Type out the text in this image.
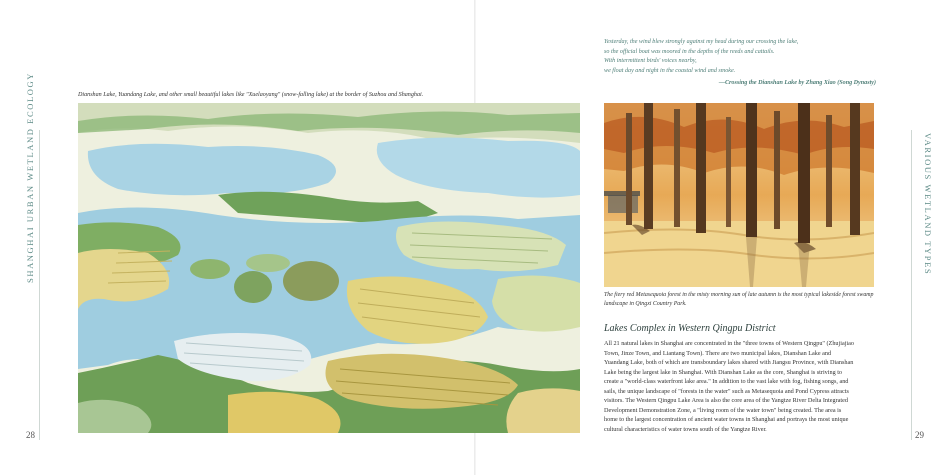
SHANGHAI URBAN WETLAND ECOLOGY	VARIOUS WETLAND TYPES
28	29
Yesterday, the wind blew strongly against my head during our crossing the lake,
so the official boat was moored in the depths of the reeds and cattails.
With intermittent birds' voices nearby,
we float day and night in the coastal wind and smoke.
—Crossing the Dianshan Lake by Zhang Xiao (Song Dynasty)
Dianshan Lake, Yuandang Lake, and other small beautiful lakes like "Xuelaoyang" (snow-falling lake) at the border of Suzhou and Shanghai.
The fiery red Metasequoia forest in the misty morning sun of late autumn is the most typical lakeside forest swamp
landscape in Qingxi Country Park.
Lakes Complex in Western Qingpu District
All 21 natural lakes in Shanghai are concentrated in the "three towns of Western Qingpu" (Zhujiajiao
Town, Jinze Town, and Liantang Town). There are two municipal lakes, Dianshan Lake and
Yuandang Lake, both of which are transboundary lakes shared with Jiangsu Province, with Dianshan
Lake being the largest lake in Shanghai. With Dianshan Lake as the core, Shanghai is striving to
create a "world-class waterfront lake area." In addition to the vast lake with fog, fishing songs, and
sails, the unique landscape of "forests in the water" such as Metasequoia and Pond Cypress attracts
visitors. The Western Qingpu Lake Area is also the core area of the Yangtze River Delta Integrated
Development Demonstration Zone, a "living room of the water town" being created. The area is
home to the largest concentration of ancient water towns in Shanghai and portrays the most unique
cultural characteristics of water towns south of the Yangtze River.
